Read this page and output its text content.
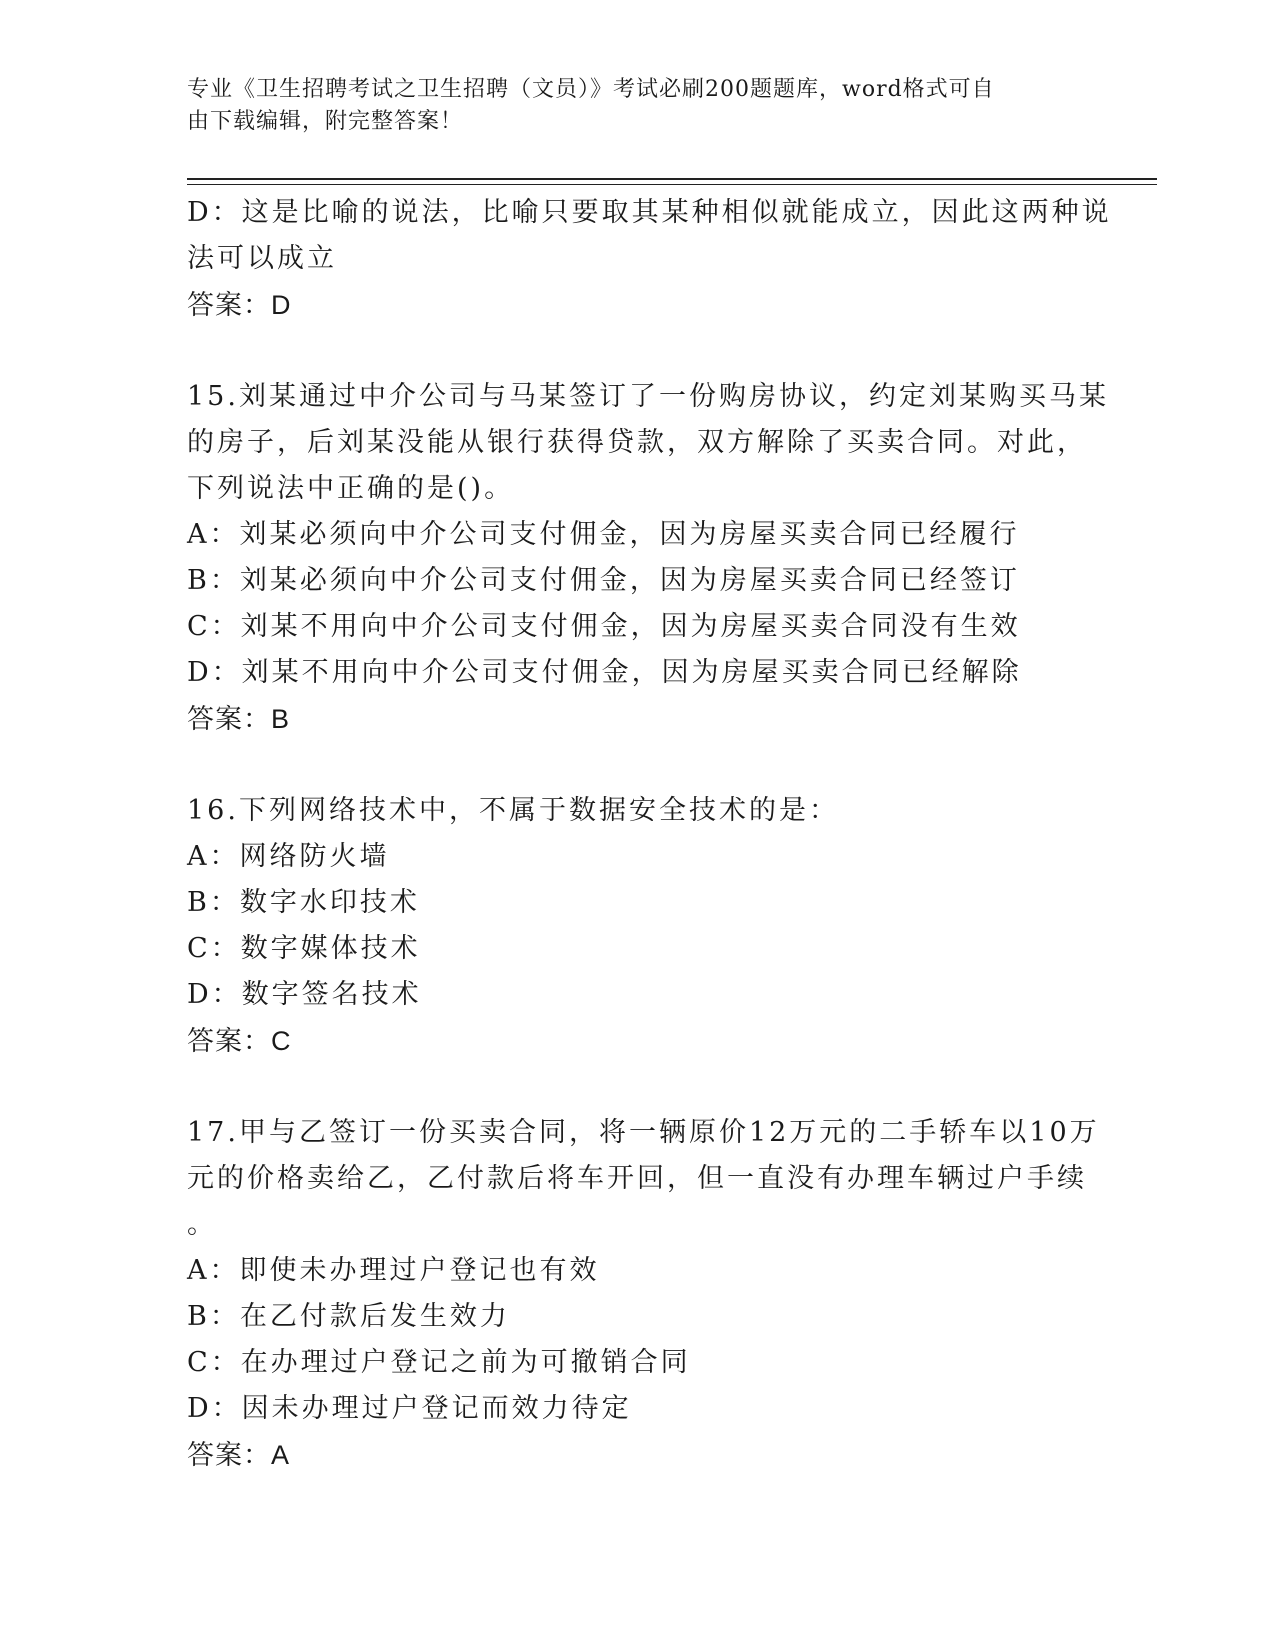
专业《卫生招聘考试之卫生招聘（文员）》考试必刷200题题库，word格式可自
由下载编辑，附完整答案！
D：这是比喻的说法，比喻只要取其某种相似就能成立，因此这两种说
法可以成立
答案：D
15.刘某通过中介公司与马某签订了一份购房协议，约定刘某购买马某
的房子，后刘某没能从银行获得贷款，双方解除了买卖合同。对此，
下列说法中正确的是()。
A：刘某必须向中介公司支付佣金，因为房屋买卖合同已经履行
B：刘某必须向中介公司支付佣金，因为房屋买卖合同已经签订
C：刘某不用向中介公司支付佣金，因为房屋买卖合同没有生效
D：刘某不用向中介公司支付佣金，因为房屋买卖合同已经解除
答案：B
16.下列网络技术中，不属于数据安全技术的是：
A：网络防火墙
B：数字水印技术
C：数字媒体技术
D：数字签名技术
答案：C
17.甲与乙签订一份买卖合同，将一辆原价12万元的二手轿车以10万
元的价格卖给乙，乙付款后将车开回，但一直没有办理车辆过户手续
。
A：即使未办理过户登记也有效
B：在乙付款后发生效力
C：在办理过户登记之前为可撤销合同
D：因未办理过户登记而效力待定
答案：A
